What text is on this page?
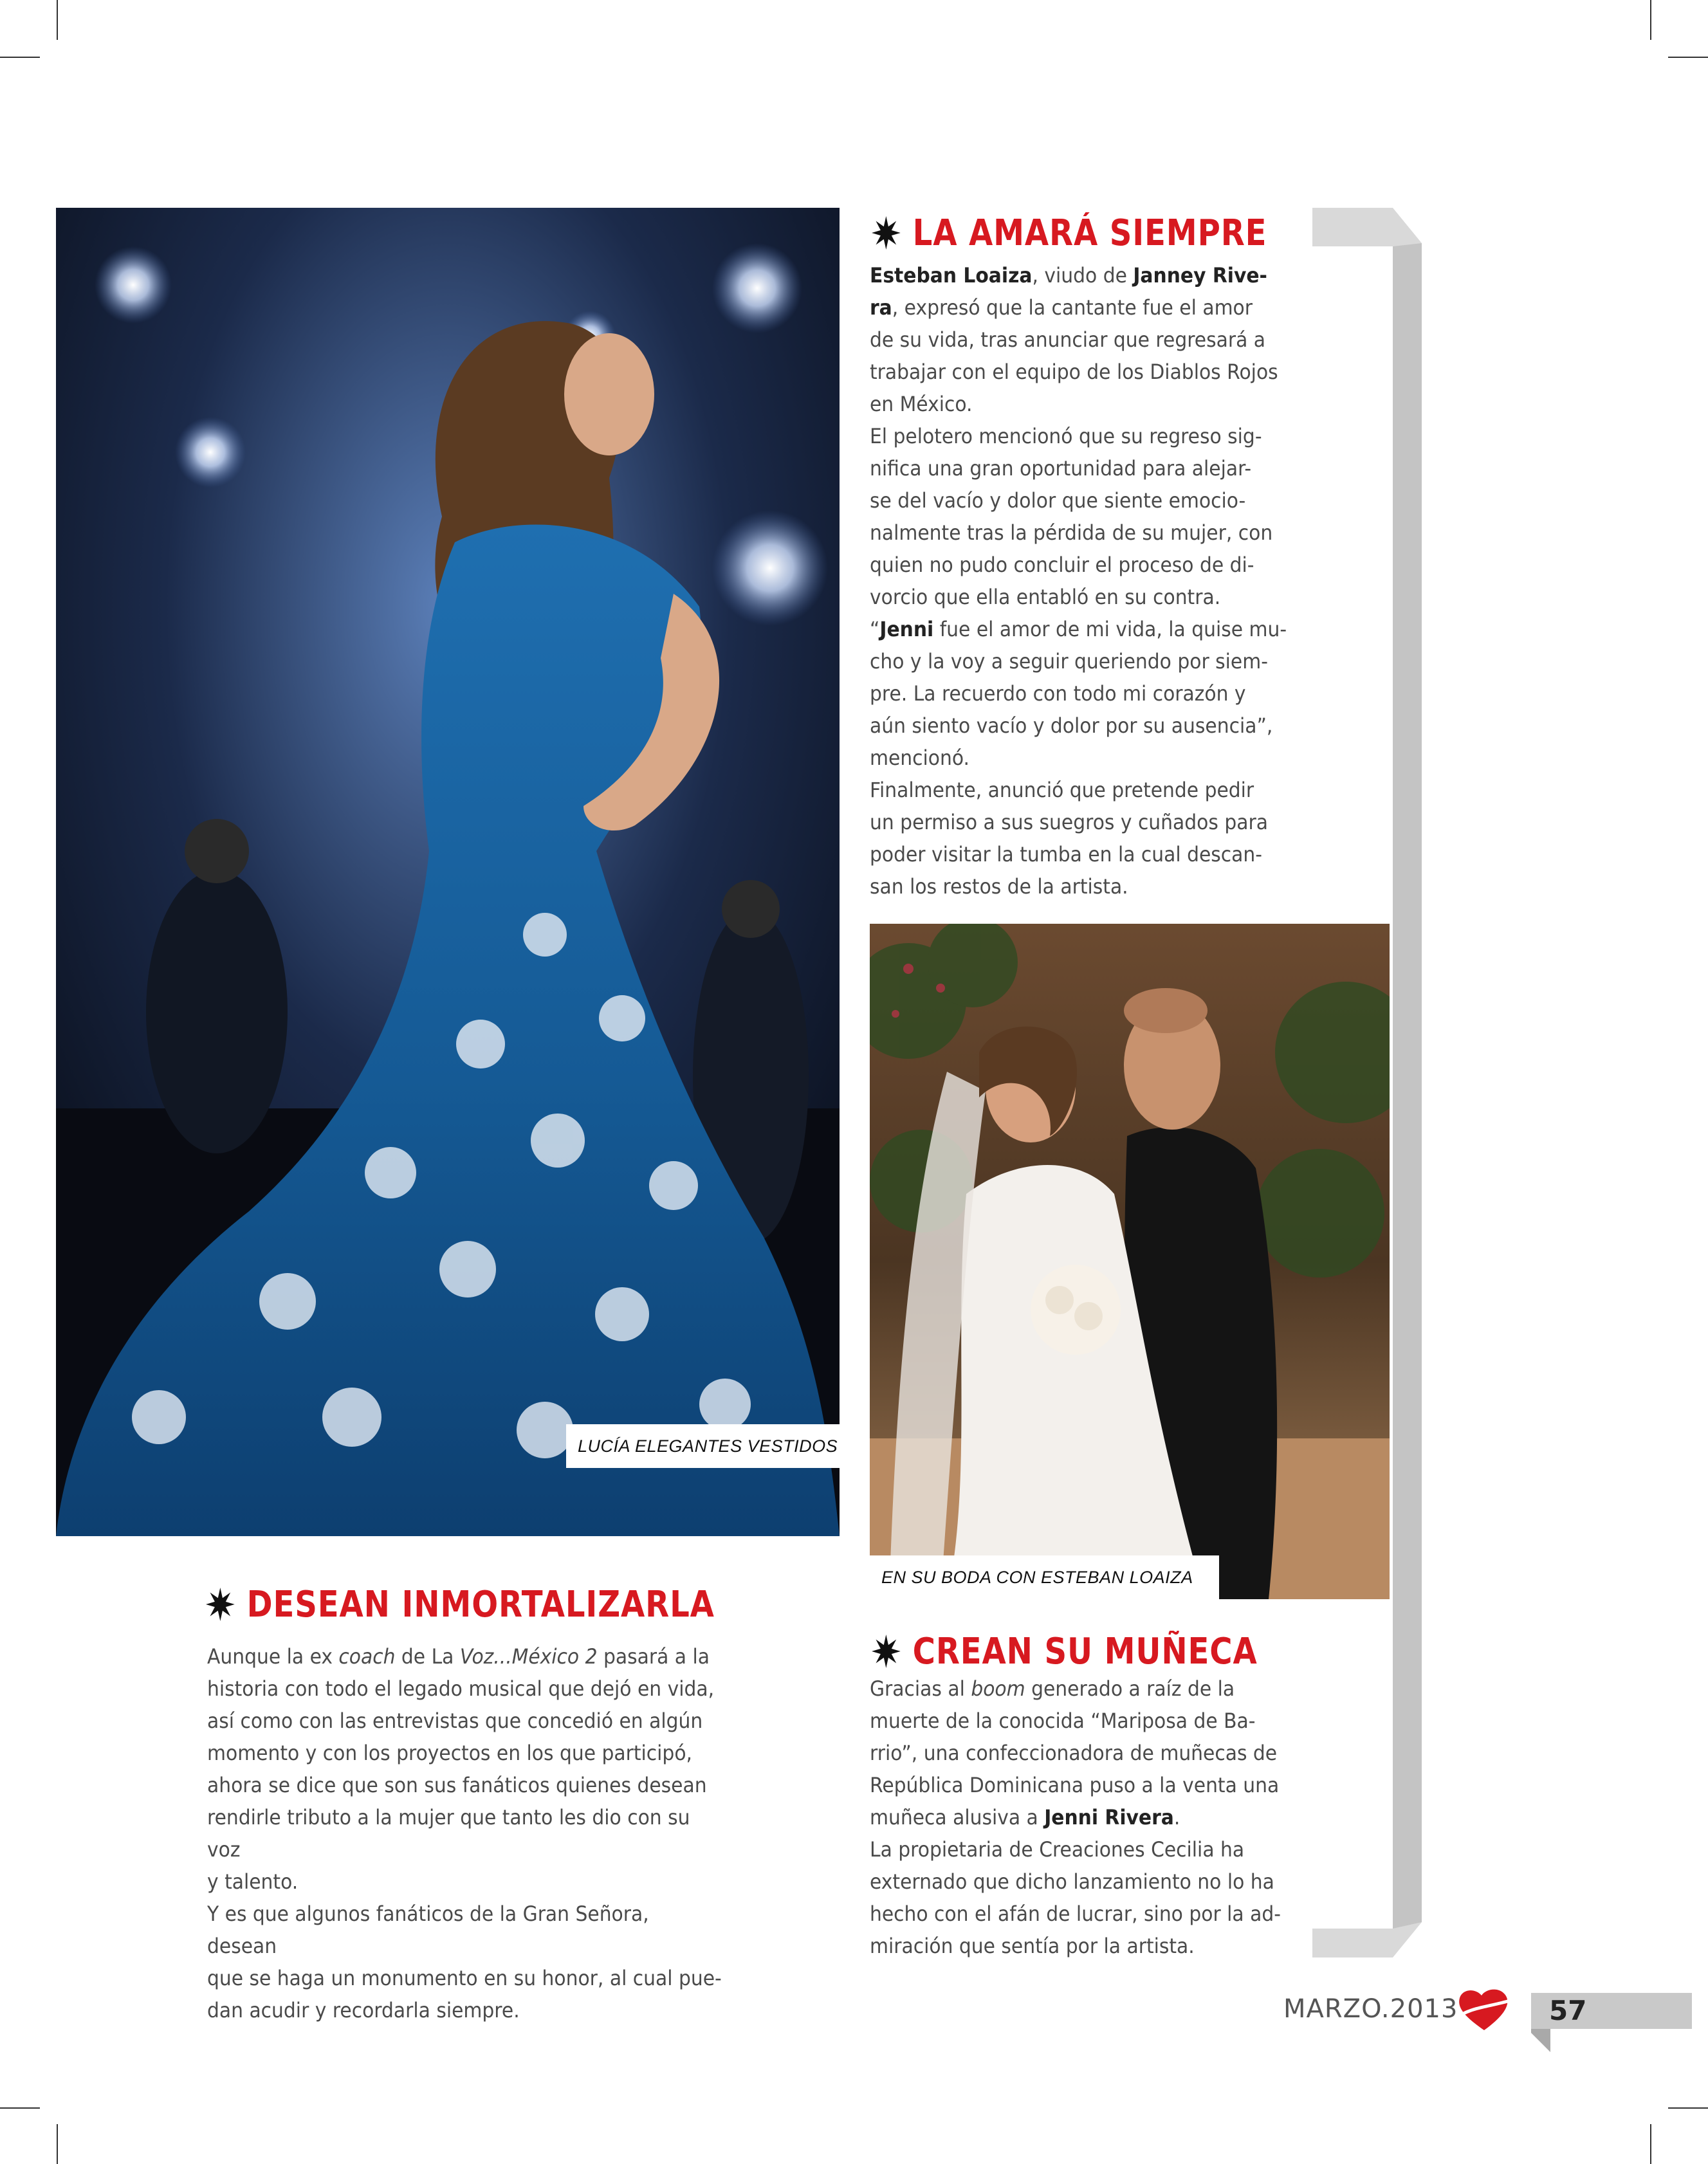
LUCÍA ELEGANTES VESTIDOS
EN SU BODA CON ESTEBAN LOAIZA
LA AMARÁ SIEMPRE

Esteban Loaiza, viudo de Janney Rive-

ra, expresó que la cantante fue el amor

de su vida, tras anunciar que regresará a

trabajar con el equipo de los Diablos Rojos

en México.

El pelotero mencionó que su regreso sig-

nifica una gran oportunidad para alejar-

se del vacío y dolor que siente emocio-

nalmente tras la pérdida de su mujer, con

quien no pudo concluir el proceso de di-

vorcio que ella entabló en su contra.

“Jenni fue el amor de mi vida, la quise mu-

cho y la voy a seguir queriendo por siem-

pre. La recuerdo con todo mi corazón y

aún siento vacío y dolor por su ausencia”,

mencionó.

Finalmente, anunció que pretende pedir

un permiso a sus suegros y cuñados para

poder visitar la tumba en la cual descan-

san los restos de la artista.

DESEAN INMORTALIZARLA

Aunque la ex coach de La Voz...México 2 pasará a la

historia con todo el legado musical que dejó en vida,

así como con las entrevistas que concedió en algún

momento y con los proyectos en los que participó,

ahora se dice que son sus fanáticos quienes desean

rendirle tributo a la mujer que tanto les dio con su voz

y talento.

Y es que algunos fanáticos de la Gran Señora, desean

que se haga un monumento en su honor, al cual pue-

dan acudir y recordarla siempre.

CREAN SU MUÑECA

Gracias al boom generado a raíz de la

muerte de la conocida “Mariposa de Ba-

rrio”, una confeccionadora de muñecas de

República Dominicana puso a la venta una

muñeca alusiva a Jenni Rivera.

La propietaria de Creaciones Cecilia ha

externado que dicho lanzamiento no lo ha

hecho con el afán de lucrar, sino por la ad-

miración que sentía por la artista.

MARZO.2013	57
